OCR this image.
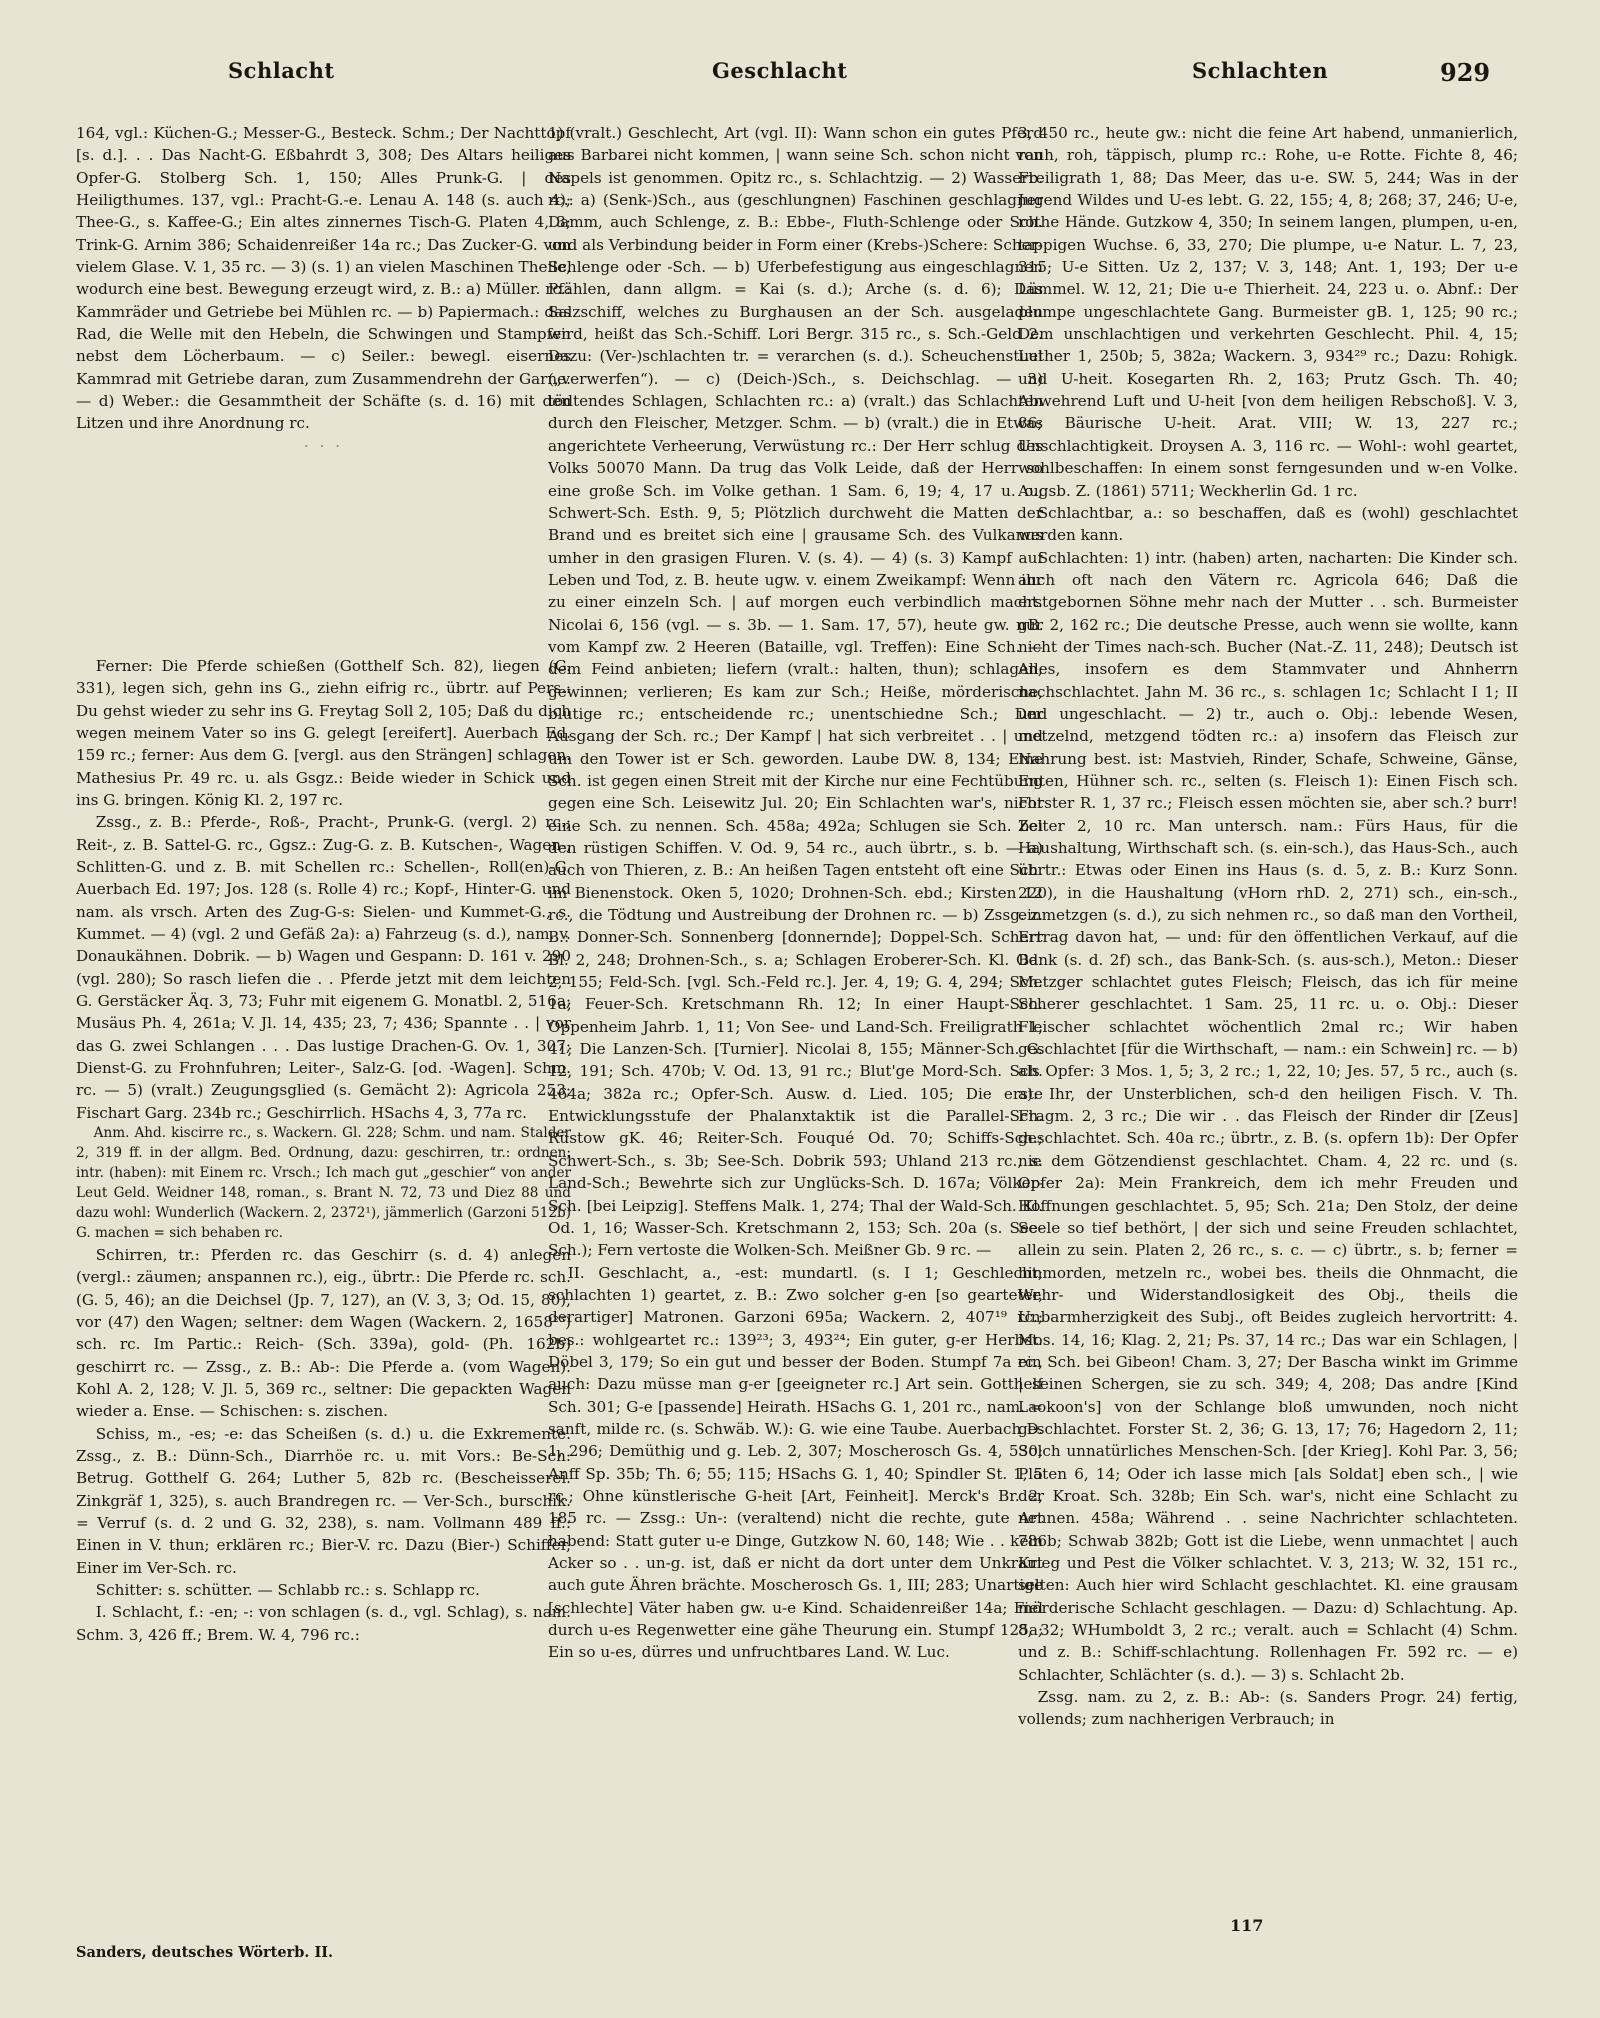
Schlacht	Geschlacht	Schlachten	929

164, vgl.: Küchen-G.; Messer-G., Besteck. Schm.; Der Nachttopf [s. d.]. . . Das Nacht-G. Eßbahrdt 3, 308; Des Altars heiliges Opfer-G. Stolberg Sch. 1, 150; Alles Prunk-G. | des Heiligthumes. 137, vgl.: Pracht-G.-e. Lenau A. 148 (s. auch 4); Thee-G., s. Kaffee-G.; Ein altes zinnernes Tisch-G. Platen 4, 3; Trink-G. Arnim 386; Schaidenreißer 14a rc.; Das Zucker-G. von vielem Glase. V. 1, 35 rc. — 3) (s. 1) an vielen Maschinen Theile, wodurch eine best. Bewegung erzeugt wird, z. B.: a) Müller. rc.: Kammräder und Getriebe bei Mühlen rc. — b) Papiermach.: das Rad, die Welle mit den Hebeln, die Schwingen und Stampfen nebst dem Löcherbaum. — c) Seiler.: bewegl. eisernes Kammrad mit Getriebe daran, zum Zusammendrehn der Garne. — d) Weber.: die Gesammtheit der Schäfte (s. d. 16) mit den Litzen und ihre Anordnung rc.

· · ·

Ferner: Die Pferde schießen (Gotthelf Sch. 82), liegen (G. 331), legen sich, gehn ins G., ziehn eifrig rc., übrtr. auf Pers.: Du gehst wieder zu sehr ins G. Freytag Soll 2, 105; Daß du dich wegen meinem Vater so ins G. gelegt [ereifert]. Auerbach Ed. 159 rc.; ferner: Aus dem G. [vergl. aus den Strängen] schlagen. Mathesius Pr. 49 rc. u. als Gsgz.: Beide wieder in Schick und ins G. bringen. König Kl. 2, 197 rc.

Zssg., z. B.: Pferde-, Roß-, Pracht-, Prunk-G. (vergl. 2) rc.; Reit-, z. B. Sattel-G. rc., Ggsz.: Zug-G. z. B. Kutschen-, Wagen-, Schlitten-G. und z. B. mit Schellen rc.: Schellen-, Roll(en)-G. Auerbach Ed. 197; Jos. 128 (s. Rolle 4) rc.; Kopf-, Hinter-G. und nam. als vrsch. Arten des Zug-G-s: Sielen- und Kummet-G., s. Kummet. — 4) (vgl. 2 und Gefäß 2a): a) Fahrzeug (s. d.), nam. v. Donaukähnen. Dobrik. — b) Wagen und Gespann: D. 161 v. 290 (vgl. 280); So rasch liefen die . . Pferde jetzt mit dem leichten G. Gerstäcker Äq. 3, 73; Fuhr mit eigenem G. Monatbl. 2, 516a; Musäus Ph. 4, 261a; V. Jl. 14, 435; 23, 7; 436; Spannte . . | vor das G. zwei Schlangen . . . Das lustige Drachen-G. Ov. 1, 307; Dienst-G. zu Frohnfuhren; Leiter-, Salz-G. [od. -Wagen]. Schm. rc. — 5) (vralt.) Zeugungsglied (s. Gemächt 2): Agricola 253; Fischart Garg. 234b rc.; Geschirrlich. HSachs 4, 3, 77a rc.

Anm. Ahd. kiscirre rc., s. Wackern. Gl. 228; Schm. und nam. Stalder 2, 319 ff. in der allgm. Bed. Ordnung, dazu: geschirren, tr.: ordnen; intr. (haben): mit Einem rc. Vrsch.; Ich mach gut „geschier“ von ander Leut Geld. Weidner 148, roman., s. Brant N. 72, 73 und Diez 88 und dazu wohl: Wunderlich (Wackern. 2, 2372¹), jämmerlich (Garzoni 512b) G. machen = sich behaben rc.

Schirren, tr.: Pferden rc. das Geschirr (s. d. 4) anlegen (vergl.: zäumen; anspannen rc.), eig., übrtr.: Die Pferde rc. sch. (G. 5, 46); an die Deichsel (Jp. 7, 127), an (V. 3, 3; Od. 15, 80), vor (47) den Wagen; seltner: dem Wagen (Wackern. 2, 1658²³) sch. rc. Im Partic.: Reich- (Sch. 339a), gold- (Ph. 162b) geschirrt rc. — Zssg., z. B.: Ab-: Die Pferde a. (vom Wagen). Kohl A. 2, 128; V. Jl. 5, 369 rc., seltner: Die gepackten Wagen wieder a. Ense. — Schischen: s. zischen.

Schiss, m., -es; -e: das Scheißen (s. d.) u. die Exkremente. Zssg., z. B.: Dünn-Sch., Diarrhöe rc. u. mit Vors.: Be-Sch: Betrug. Gotthelf G. 264; Luther 5, 82b rc. (Bescheisserei. Zinkgräf 1, 325), s. auch Brandregen rc. — Ver-Sch., burschik. = Verruf (s. d. 2 und G. 32, 238), s. nam. Vollmann 489 ff.: Einen in V. thun; erklären rc.; Bier-V. rc. Dazu (Bier-) Schiffer, Einer im Ver-Sch. rc.

Schitter: s. schütter. — Schlabb rc.: s. Schlapp rc.

I. Schlacht, f.: -en; -: von schlagen (s. d., vgl. Schlag), s. nam. Schm. 3, 426 ff.; Brem. W. 4, 796 rc.:

1) (vralt.) Geschlecht, Art (vgl. II): Wann schon ein gutes Pferd aus Barbarei nicht kommen, | wann seine Sch. schon nicht von Napels ist genommen. Opitz rc., s. Schlachtzig. — 2) Wasserb. rc.: a) (Senk-)Sch., aus (geschlungnen) Faschinen geschlagner Damm, auch Schlenge, z. B.: Ebbe-, Fluth-Schlenge oder Sch. und als Verbindung beider in Form einer (Krebs-)Schere: Scher-Schlenge oder -Sch. — b) Uferbefestigung aus eingeschlagnen Pfählen, dann allgm. = Kai (s. d.); Arche (s. d. 6); Das Salzschiff, welches zu Burghausen an der Sch. ausgeladen wird, heißt das Sch.-Schiff. Lori Bergr. 315 rc., s. Sch.-Geld 2. Dazu: (Ver-)schlachten tr. = verarchen (s. d.). Scheuchenstuel („verwerfen“). — c) (Deich-)Sch., s. Deichschlag. — 3) tödtendes Schlagen, Schlachten rc.: a) (vralt.) das Schlachten durch den Fleischer, Metzger. Schm. — b) (vralt.) die in Etwas angerichtete Verheerung, Verwüstung rc.: Der Herr schlug des Volks 50070 Mann. Da trug das Volk Leide, daß der Herr so eine große Sch. im Volke gethan. 1 Sam. 6, 19; 4, 17 u. o.; Schwert-Sch. Esth. 9, 5; Plötzlich durchweht die Matten der Brand und es breitet sich eine | grausame Sch. des Vulkanus umher in den grasigen Fluren. V. (s. 4). — 4) (s. 3) Kampf auf Leben und Tod, z. B. heute ugw. v. einem Zweikampf: Wenn ihr zu einer einzeln Sch. | auf morgen euch verbindlich macht. Nicolai 6, 156 (vgl. — s. 3b. — 1. Sam. 17, 57), heute gw. nur vom Kampf zw. 2 Heeren (Bataille, vgl. Treffen): Eine Sch. — dem Feind anbieten; liefern (vralt.: halten, thun); schlagen; gewinnen; verlieren; Es kam zur Sch.; Heiße, mörderische, blutige rc.; entscheidende rc.; unentschiedne Sch.; Der Ausgang der Sch. rc.; Der Kampf | hat sich verbreitet . . | und um den Tower ist er Sch. geworden. Laube DW. 8, 134; Eine Sch. ist gegen einen Streit mit der Kirche nur eine Fechtübung gegen eine Sch. Leisewitz Jul. 20; Ein Schlachten war's, nicht eine Sch. zu nennen. Sch. 458a; 492a; Schlugen sie Sch. bei den rüstigen Schiffen. V. Od. 9, 54 rc., auch übrtr., s. b. — a) auch von Thieren, z. B.: An heißen Tagen entsteht oft eine Sch. im Bienenstock. Oken 5, 1020; Drohnen-Sch. ebd.; Kirsten 12 rc., die Tödtung und Austreibung der Drohnen rc. — b) Zssg. z. B.: Donner-Sch. Sonnenberg [donnernde]; Doppel-Sch. Scherr Bl. 2, 248; Drohnen-Sch., s. a; Schlagen Eroberer-Sch. Kl. Od. 2, 155; Feld-Sch. [vgl. Sch.-Feld rc.]. Jer. 4, 19; G. 4, 294; Sch. 1a; Feuer-Sch. Kretschmann Rh. 12; In einer Haupt-Sch. Oppenheim Jahrb. 1, 11; Von See- und Land-Sch. Freiligrath 1, 41; Die Lanzen-Sch. [Turnier]. Nicolai 8, 155; Männer-Sch. G. 12, 191; Sch. 470b; V. Od. 13, 91 rc.; Blut'ge Mord-Sch. Sch. 464a; 382a rc.; Opfer-Sch. Ausw. d. Lied. 105; Die erste Entwicklungsstufe der Phalanxtaktik ist die Parallel-Sch. Rüstow gK. 46; Reiter-Sch. Fouqué Od. 70; Schiffs-Sch.; Schwert-Sch., s. 3b; See-Sch. Dobrik 593; Uhland 213 rc., s. Land-Sch.; Bewehrte sich zur Unglücks-Sch. D. 167a; Völker-Sch. [bei Leipzig]. Steffens Malk. 1, 274; Thal der Wald-Sch. Kl. Od. 1, 16; Wasser-Sch. Kretschmann 2, 153; Sch. 20a (s. See-Sch.); Fern vertoste die Wolken-Sch. Meißner Gb. 9 rc. —

II. Geschlacht, a., -est: mundartl. (s. I 1; Geschlecht; schlachten 1) geartet, z. B.: Zwo solcher g-en [so gearteter, derartiger] Matronen. Garzoni 695a; Wackern. 2, 407¹⁹ rc.; bes.: wohlgeartet rc.: 139²³; 3, 493²⁴; Ein guter, g-er Herbst. Döbel 3, 179; So ein gut und besser der Boden. Stumpf 7a rc., auch: Dazu müsse man g-er [geeigneter rc.] Art sein. Gotthelf Sch. 301; G-e [passende] Heirath. HSachs G. 1, 201 rc., nam. = sanft, milde rc. (s. Schwäb. W.): G. wie eine Taube. Auerbach D. 1, 296; Demüthig und g. Leb. 2, 307; Moscherosch Gs. 4, 530; Anff Sp. 35b; Th. 6; 55; 115; HSachs G. 1, 40; Spindler St. 1, 5 rc.; Ohne künstlerische G-heit [Art, Feinheit]. Merck's Br. 2, 185 rc. — Zssg.: Un-: (veraltend) nicht die rechte, gute Art habend: Statt guter u-e Dinge, Gutzkow N. 60, 148; Wie . . kein Acker so . . un-g. ist, daß er nicht da dort unter dem Unkraut auch gute Ähren brächte. Moscherosch Gs. 1, III; 283; Unartige [schlechte] Väter haben gw. u-e Kind. Schaidenreißer 14a; Fiel durch u-es Regenwetter eine gähe Theurung ein. Stumpf 125a; Ein so u-es, dürres und unfruchtbares Land. W. Luc.

3, 450 rc., heute gw.: nicht die feine Art habend, unmanierlich, rauh, roh, täppisch, plump rc.: Rohe, u-e Rotte. Fichte 8, 46; Freiligrath 1, 88; Das Meer, das u-e. SW. 5, 244; Was in der Jugend Wildes und U-es lebt. G. 22, 155; 4, 8; 268; 37, 246; U-e, rothe Hände. Gutzkow 4, 350; In seinem langen, plumpen, u-en, tappigen Wuchse. 6, 33, 270; Die plumpe, u-e Natur. L. 7, 23, 315; U-e Sitten. Uz 2, 137; V. 3, 148; Ant. 1, 193; Der u-e Lümmel. W. 12, 21; Die u-e Thierheit. 24, 223 u. o. Abnf.: Der plumpe ungeschlachtete Gang. Burmeister gB. 1, 125; 90 rc.; Dem unschlachtigen und verkehrten Geschlecht. Phil. 4, 15; Luther 1, 250b; 5, 382a; Wackern. 3, 934²⁹ rc.; Dazu: Rohigk. und U-heit. Kosegarten Rh. 2, 163; Prutz Gsch. Th. 40; Abwehrend Luft und U-heit [von dem heiligen Rebschoß]. V. 3, 86; Bäurische U-heit. Arat. VIII; W. 13, 227 rc.; Unschlachtigkeit. Droysen A. 3, 116 rc. — Wohl-: wohl geartet, wohlbeschaffen: In einem sonst ferngesunden und w-en Volke. Augsb. Z. (1861) 5711; Weckherlin Gd. 1 rc.

Schlachtbar, a.: so beschaffen, daß es (wohl) geschlachtet werden kann.

Schlachten: 1) intr. (haben) arten, nacharten: Die Kinder sch. auch oft nach den Vätern rc. Agricola 646; Daß die erstgebornen Söhne mehr nach der Mutter . . sch. Burmeister gB. 2, 162 rc.; Die deutsche Presse, auch wenn sie wollte, kann nicht der Times nach-sch. Bucher (Nat.-Z. 11, 248); Deutsch ist Alles, insofern es dem Stammvater und Ahnherrn nachschlachtet. Jahn M. 36 rc., s. schlagen 1c; Schlacht I 1; II und ungeschlacht. — 2) tr., auch o. Obj.: lebende Wesen, metzelnd, metzgend tödten rc.: a) insofern das Fleisch zur Nahrung best. ist: Mastvieh, Rinder, Schafe, Schweine, Gänse, Enten, Hühner sch. rc., selten (s. Fleisch 1): Einen Fisch sch. Forster R. 1, 37 rc.; Fleisch essen möchten sie, aber sch.? burr! Zelter 2, 10 rc. Man untersch. nam.: Fürs Haus, für die Haushaltung, Wirthschaft sch. (s. ein-sch.), das Haus-Sch., auch übrtr.: Etwas oder Einen ins Haus (s. d. 5, z. B.: Kurz Sonn. 220), in die Haushaltung (vHorn rhD. 2, 271) sch., ein-sch., einmetzgen (s. d.), zu sich nehmen rc., so daß man den Vortheil, Ertrag davon hat, — und: für den öffentlichen Verkauf, auf die Bank (s. d. 2f) sch., das Bank-Sch. (s. aus-sch.), Meton.: Dieser Metzger schlachtet gutes Fleisch; Fleisch, das ich für meine Scherer geschlachtet. 1 Sam. 25, 11 rc. u. o. Obj.: Dieser Fleischer schlachtet wöchentlich 2mal rc.; Wir haben geschlachtet [für die Wirthschaft, — nam.: ein Schwein] rc. — b) als Opfer: 3 Mos. 1, 5; 3, 2 rc.; 1, 22, 10; Jes. 57, 5 rc., auch (s. a): Ihr, der Unsterblichen, sch-d den heiligen Fisch. V. Th. Fragm. 2, 3 rc.; Die wir . . das Fleisch der Rinder dir [Zeus] geschlachtet. Sch. 40a rc.; übrtr., z. B. (s. opfern 1b): Der Opfer nie dem Götzendienst geschlachtet. Cham. 4, 22 rc. und (s. Opfer 2a): Mein Frankreich, dem ich mehr Freuden und Hoffnungen geschlachtet. 5, 95; Sch. 21a; Den Stolz, der deine Seele so tief bethört, | der sich und seine Freuden schlachtet, allein zu sein. Platen 2, 26 rc., s. c. — c) übrtr., s. b; ferner = hinmorden, metzeln rc., wobei bes. theils die Ohnmacht, die Wehr- und Widerstandlosigkeit des Obj., theils die Unbarmherzigkeit des Subj., oft Beides zugleich hervortritt: 4. Mos. 14, 16; Klag. 2, 21; Ps. 37, 14 rc.; Das war ein Schlagen, | ein Sch. bei Gibeon! Cham. 3, 27; Der Bascha winkt im Grimme | seinen Schergen, sie zu sch. 349; 4, 208; Das andre [Kind Laokoon's] von der Schlange bloß umwunden, noch nicht geschlachtet. Forster St. 2, 36; G. 13, 17; 76; Hagedorn 2, 11; Solch unnatürliches Menschen-Sch. [der Krieg]. Kohl Par. 3, 56; Platen 6, 14; Oder ich lasse mich [als Soldat] eben sch., | wie der Kroat. Sch. 328b; Ein Sch. war's, nicht eine Schlacht zu nennen. 458a; Während . . seine Nachrichter schlachteten. 786b; Schwab 382b; Gott ist die Liebe, wenn unmachtet | auch Krieg und Pest die Völker schlachtet. V. 3, 213; W. 32, 151 rc., selten: Auch hier wird Schlacht geschlachtet. Kl. eine grausam mörderische Schlacht geschlagen. — Dazu: d) Schlachtung. Ap. 8, 32; WHumboldt 3, 2 rc.; veralt. auch = Schlacht (4) Schm. und z. B.: Schiff-schlachtung. Rollenhagen Fr. 592 rc. — e) Schlachter, Schlächter (s. d.). — 3) s. Schlacht 2b.

Zssg. nam. zu 2, z. B.: Ab-: (s. Sanders Progr. 24) fertig, vollends; zum nachherigen Verbrauch; in

117
Sanders, deutsches Wörterb. II.
